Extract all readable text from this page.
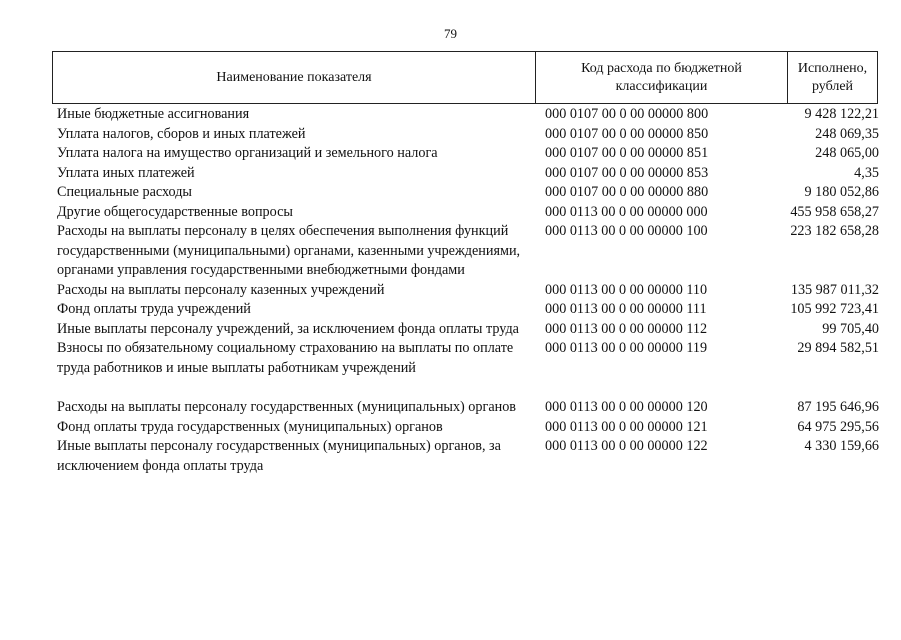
79
Наименование показателя
Код расхода по бюджетной классификации
Исполнено, рублей
Иные бюджетные ассигнования	000 0107 00 0 00 00000 800	9 428 122,21
Уплата налогов, сборов и иных платежей	000 0107 00 0 00 00000 850	248 069,35
Уплата налога на имущество организаций и земельного налога	000 0107 00 0 00 00000 851	248 065,00
Уплата иных платежей	000 0107 00 0 00 00000 853	4,35
Специальные расходы	000 0107 00 0 00 00000 880	9 180 052,86
Другие общегосударственные вопросы	000 0113 00 0 00 00000 000	455 958 658,27
Расходы на выплаты персоналу в целях обеспечения выполнения функций государственными (муниципальными) органами, казенными учреждениями, органами управления государственными внебюджетными фондами
000 0113 00 0 00 00000 100	223 182 658,28
Расходы на выплаты персоналу казенных учреждений	000 0113 00 0 00 00000 110	135 987 011,32
Фонд оплаты труда учреждений	000 0113 00 0 00 00000 111	105 992 723,41
Иные выплаты персоналу учреждений, за исключением фонда оплаты труда	000 0113 00 0 00 00000 112	99 705,40
Взносы по обязательному социальному страхованию на выплаты по оплате труда работников и иные выплаты работникам учреждений
000 0113 00 0 00 00000 119	29 894 582,51
Расходы на выплаты персоналу государственных (муниципальных) органов	000 0113 00 0 00 00000 120	87 195 646,96
Фонд оплаты труда государственных (муниципальных) органов	000 0113 00 0 00 00000 121	64 975 295,56
Иные выплаты персоналу государственных (муниципальных) органов, за исключением фонда оплаты труда
000 0113 00 0 00 00000 122	4 330 159,66
